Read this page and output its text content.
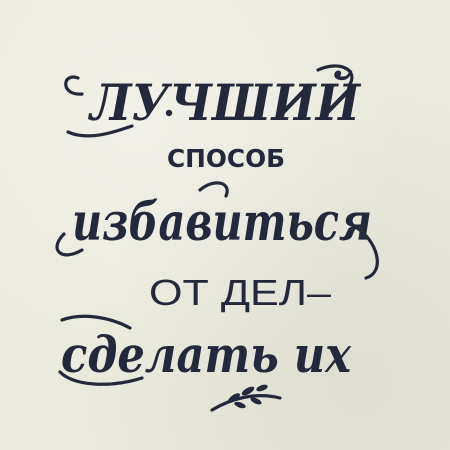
ЛУЧШИЙ
СПОСОБ
избавиться
ОТ ДЕЛ–
сделать их
